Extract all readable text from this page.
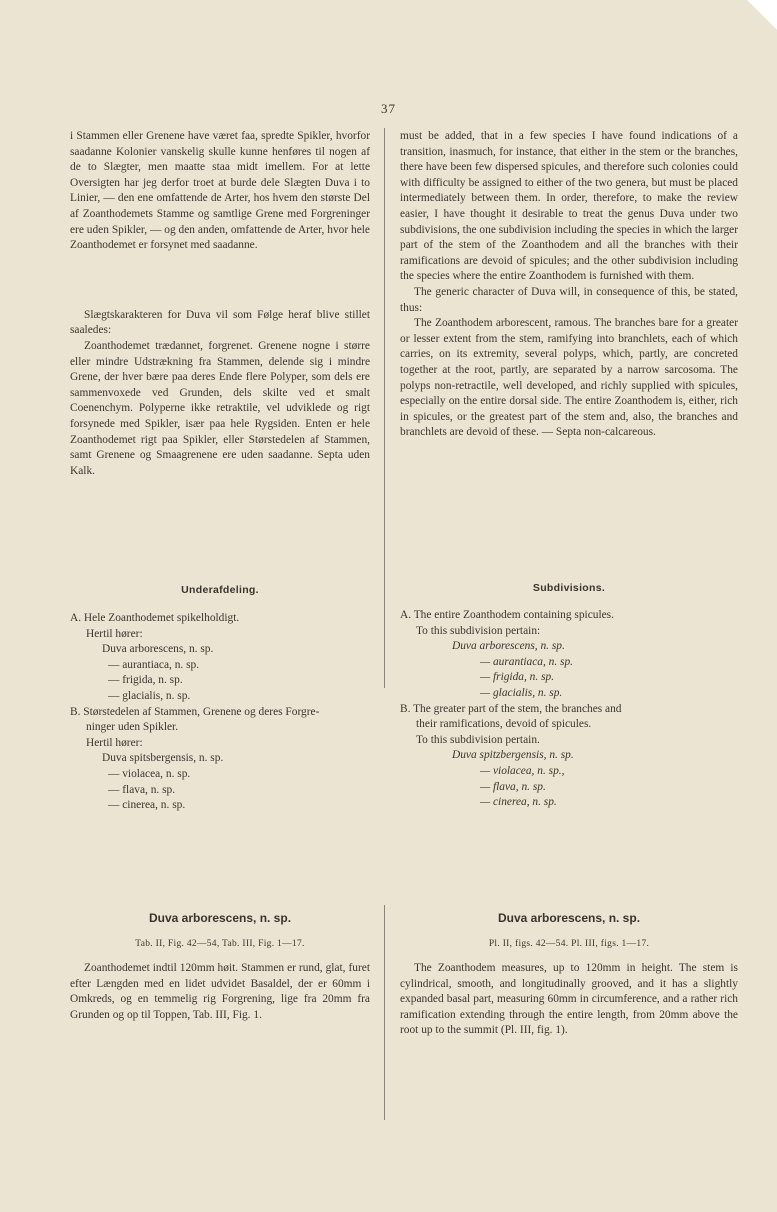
37

i Stammen eller Grenene have været faa, spredte Spikler, hvorfor saadanne Kolonier vanskelig skulle kunne henføres til nogen af de to Slægter, men maatte staa midt imellem. For at lette Oversigten har jeg derfor troet at burde dele Slægten Duva i to Linier, — den ene omfattende de Arter, hos hvem den største Del af Zoanthodemets Stamme og samtlige Grene med Forgreninger ere uden Spikler, — og den anden, omfattende de Arter, hvor hele Zoanthodemet er forsynet med saadanne.

Slægtskarakteren for Duva vil som Følge heraf blive stillet saaledes:

Zoanthodemet trædannet, forgrenet. Grenene nogne i større eller mindre Udstrækning fra Stammen, delende sig i mindre Grene, der hver bære paa deres Ende flere Polyper, som dels ere sammenvoxede ved Grunden, dels skilte ved et smalt Coenenchym. Polyperne ikke retraktile, vel udviklede og rigt forsynede med Spikler, især paa hele Rygsiden. Enten er hele Zoanthodemet rigt paa Spikler, eller Størstedelen af Stammen, samt Grenene og Smaagrenene ere uden saadanne. Septa uden Kalk.

must be added, that in a few species I have found indications of a transition, inasmuch, for instance, that either in the stem or the branches, there have been few dispersed spicules, and therefore such colonies could with difficulty be assigned to either of the two genera, but must be placed intermediately between them. In order, therefore, to make the review easier, I have thought it desirable to treat the genus Duva under two subdivisions, the one subdivision including the species in which the larger part of the stem of the Zoanthodem and all the branches with their ramifications are devoid of spicules; and the other subdivision including the species where the entire Zoanthodem is furnished with them.

The generic character of Duva will, in consequence of this, be stated, thus:

The Zoanthodem arborescent, ramous. The branches bare for a greater or lesser extent from the stem, ramifying into branchlets, each of which carries, on its extremity, several polyps, which, partly, are concreted together at the root, partly, are separated by a narrow sarcosoma. The polyps non-retractile, well developed, and richly supplied with spicules, especially on the entire dorsal side. The entire Zoanthodem is, either, rich in spicules, or the greatest part of the stem and, also, the branches and branchlets are devoid of these. — Septa non-calcareous.

Underafdeling.
A. Hele Zoanthodemet spikelholdigt.
Hertil hører:
Duva arborescens, n. sp.
— aurantiaca, n. sp.
— frigida, n. sp.
— glacialis, n. sp.
B. Størstedelen af Stammen, Grenene og deres Forgre-
ninger uden Spikler.
Hertil hører:
Duva spitsbergensis, n. sp.
— violacea, n. sp.
— flava, n. sp.
— cinerea, n. sp.
Subdivisions.
A. The entire Zoanthodem containing spicules.
To this subdivision pertain:
Duva arborescens, n. sp.
— aurantiaca, n. sp.
— frigida, n. sp.
— glacialis, n. sp.
B. The greater part of the stem, the branches and
their ramifications, devoid of spicules.
To this subdivision pertain.
Duva spitzbergensis, n. sp.
— violacea, n. sp.,
— flava, n. sp.
— cinerea, n. sp.
Duva arborescens, n. sp.
Tab. II, Fig. 42—54, Tab. III, Fig. 1—17.

Zoanthodemet indtil 120mm høit. Stammen er rund, glat, furet efter Længden med en lidet udvidet Basaldel, der er 60mm i Omkreds, og en temmelig rig Forgrening, lige fra 20mm fra Grunden og op til Toppen, Tab. III, Fig. 1.

Duva arborescens, n. sp.
Pl. II, figs. 42—54. Pl. III, figs. 1—17.

The Zoanthodem measures, up to 120mm in height. The stem is cylindrical, smooth, and longitudinally grooved, and it has a slightly expanded basal part, measuring 60mm in circumference, and a rather rich ramification extending through the entire length, from 20mm above the root up to the summit (Pl. III, fig. 1).
